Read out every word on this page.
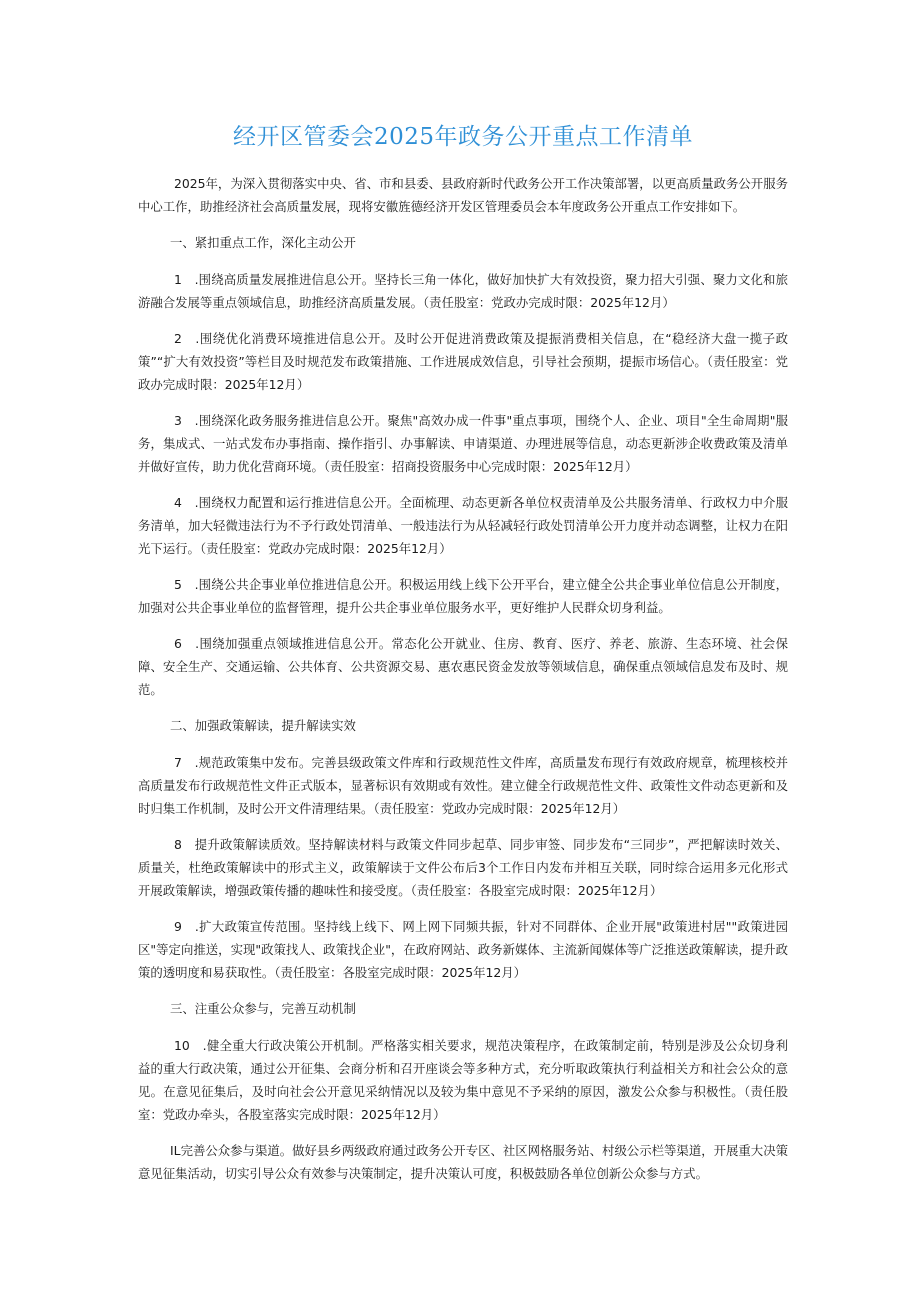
经开区管委会2025年政务公开重点工作清单

2025年，为深入贯彻落实中央、省、市和县委、县政府新时代政务公开工作决策部署，以更高质量政务公开服务中心工作，助推经济社会高质量发展，现将安徽旌德经济开发区管理委员会本年度政务公开重点工作安排如下。

一、紧扣重点工作，深化主动公开

1　.围绕高质量发展推进信息公开。坚持长三角一体化，做好加快扩大有效投资，聚力招大引强、聚力文化和旅游融合发展等重点领域信息，助推经济高质量发展。（责任股室：党政办完成时限：2025年12月）

2　.围绕优化消费环境推进信息公开。及时公开促进消费政策及提振消费相关信息，在“稳经济大盘一揽子政策”“扩大有效投资”等栏目及时规范发布政策措施、工作进展成效信息，引导社会预期，提振市场信心。（责任股室：党政办完成时限：2025年12月）

3　.围绕深化政务服务推进信息公开。聚焦"高效办成一件事"重点事项，围绕个人、企业、项目"全生命周期"服务，集成式、一站式发布办事指南、操作指引、办事解读、申请渠道、办理进展等信息，动态更新涉企收费政策及清单并做好宣传，助力优化营商环境。（责任股室：招商投资服务中心完成时限：2025年12月）

4　.围绕权力配置和运行推进信息公开。全面梳理、动态更新各单位权责清单及公共服务清单、行政权力中介服务清单，加大轻微违法行为不予行政处罚清单、一般违法行为从轻减轻行政处罚清单公开力度并动态调整，让权力在阳光下运行。（责任股室：党政办完成时限：2025年12月）

5　.围绕公共企事业单位推进信息公开。积极运用线上线下公开平台，建立健全公共企事业单位信息公开制度，加强对公共企事业单位的监督管理，提升公共企事业单位服务水平，更好维护人民群众切身利益。

6　.围绕加强重点领域推进信息公开。常态化公开就业、住房、教育、医疗、养老、旅游、生态环境、社会保障、安全生产、交通运输、公共体育、公共资源交易、惠农惠民资金发放等领域信息，确保重点领域信息发布及时、规范。

二、加强政策解读，提升解读实效

7　.规范政策集中发布。完善县级政策文件库和行政规范性文件库，高质量发布现行有效政府规章，梳理核校并高质量发布行政规范性文件正式版本，显著标识有效期或有效性。建立健全行政规范性文件、政策性文件动态更新和及时归集工作机制，及时公开文件清理结果。（责任股室：党政办完成时限：2025年12月）

8　提升政策解读质效。坚持解读材料与政策文件同步起草、同步审签、同步发布“三同步”，严把解读时效关、质量关，杜绝政策解读中的形式主义，政策解读于文件公布后3个工作日内发布并相互关联，同时综合运用多元化形式开展政策解读，增强政策传播的趣味性和接受度。（责任股室：各股室完成时限：2025年12月）

9　.扩大政策宣传范围。坚持线上线下、网上网下同频共振，针对不同群体、企业开展"政策进村居""政策进园区"等定向推送，实现"政策找人、政策找企业"，在政府网站、政务新媒体、主流新闻媒体等广泛推送政策解读，提升政策的透明度和易获取性。（责任股室：各股室完成时限：2025年12月）

三、注重公众参与，完善互动机制

10　.健全重大行政决策公开机制。严格落实相关要求，规范决策程序，在政策制定前，特别是涉及公众切身利益的重大行政决策，通过公开征集、会商分析和召开座谈会等多种方式，充分听取政策执行利益相关方和社会公众的意见。在意见征集后，及时向社会公开意见采纳情况以及较为集中意见不予采纳的原因，激发公众参与积极性。（责任股室：党政办牵头，各股室落实完成时限：2025年12月）

IL完善公众参与渠道。做好县乡两级政府通过政务公开专区、社区网格服务站、村级公示栏等渠道，开展重大决策意见征集活动，切实引导公众有效参与决策制定，提升决策认可度，积极鼓励各单位创新公众参与方式。
